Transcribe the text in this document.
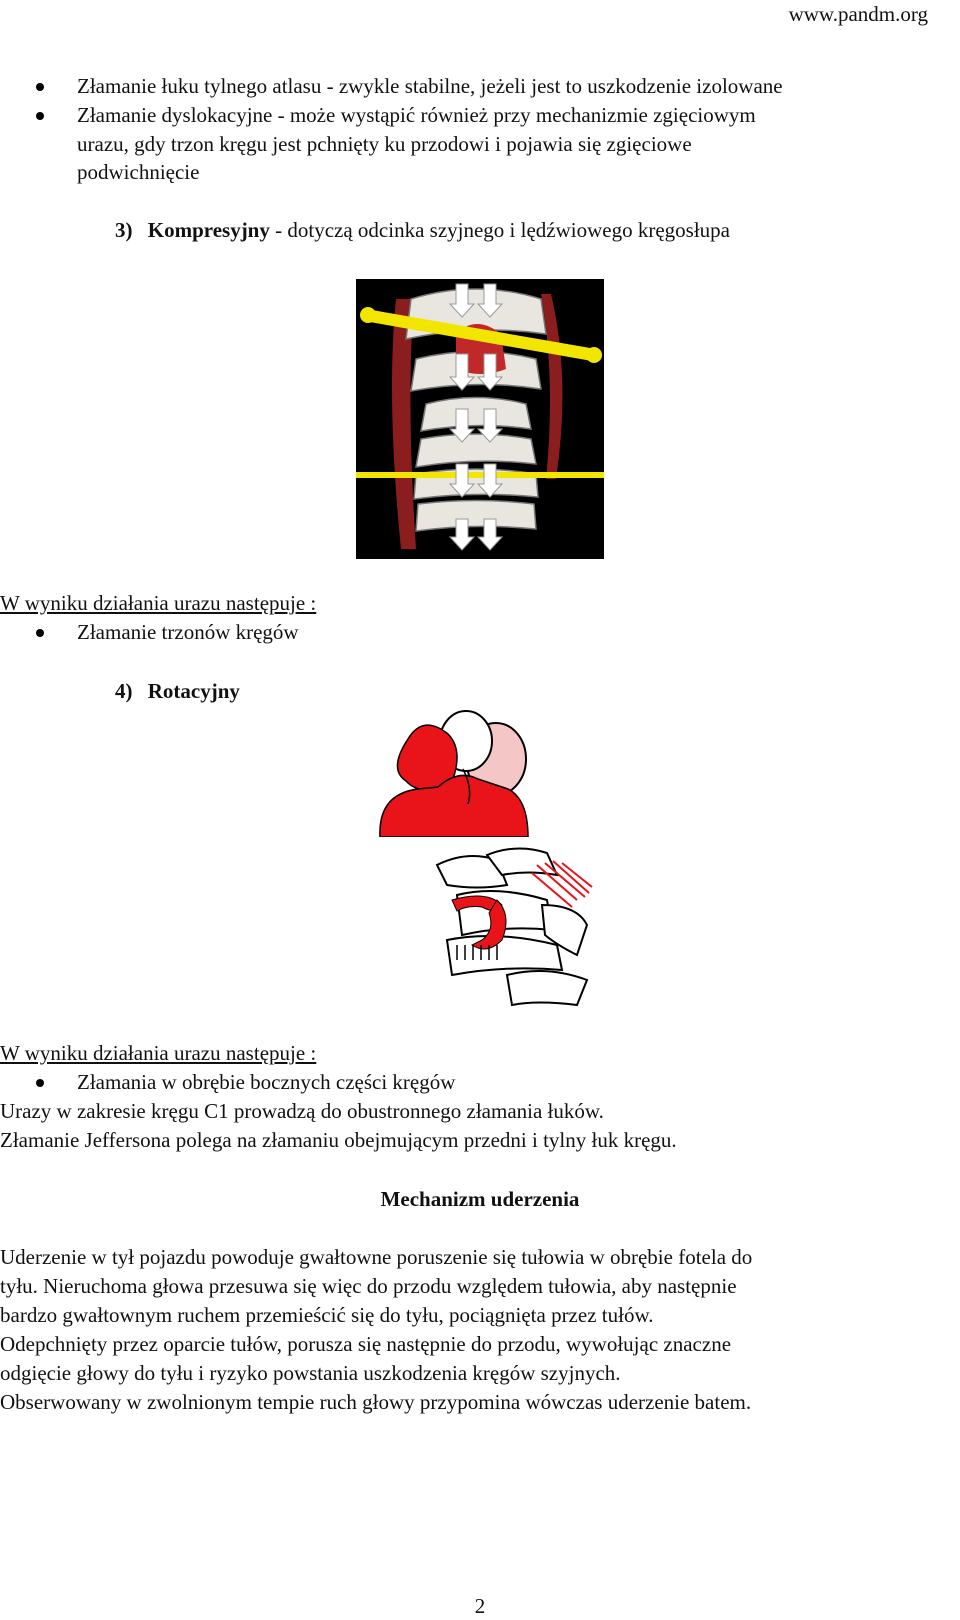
www.pandm.org
Złamanie łuku tylnego atlasu - zwykle stabilne, jeżeli jest to uszkodzenie izolowane
Złamanie dyslokacyjne - może wystąpić również przy mechanizmie zgięciowym
urazu, gdy trzon kręgu jest pchnięty ku przodowi i pojawia się zgięciowe
podwichnięcie
3) Kompresyjny - dotyczą odcinka szyjnego i lędźwiowego kręgosłupa
W wyniku działania urazu następuje :
Złamanie trzonów kręgów
4) Rotacyjny
W wyniku działania urazu następuje :
Złamania w obrębie bocznych części kręgów
Urazy w zakresie kręgu C1 prowadzą do obustronnego złamania łuków.
Złamanie Jeffersona polega na złamaniu obejmującym przedni i tylny łuk kręgu.
Mechanizm uderzenia
Uderzenie w tył pojazdu powoduje gwałtowne poruszenie się tułowia w obrębie fotela do
tyłu. Nieruchoma głowa przesuwa się więc do przodu względem tułowia, aby następnie
bardzo gwałtownym ruchem przemieścić się do tyłu, pociągnięta przez tułów.
Odepchnięty przez oparcie tułów, porusza się następnie do przodu, wywołując znaczne
odgięcie głowy do tyłu i ryzyko powstania uszkodzenia kręgów szyjnych.
Obserwowany w zwolnionym tempie ruch głowy przypomina wówczas uderzenie batem.
2
